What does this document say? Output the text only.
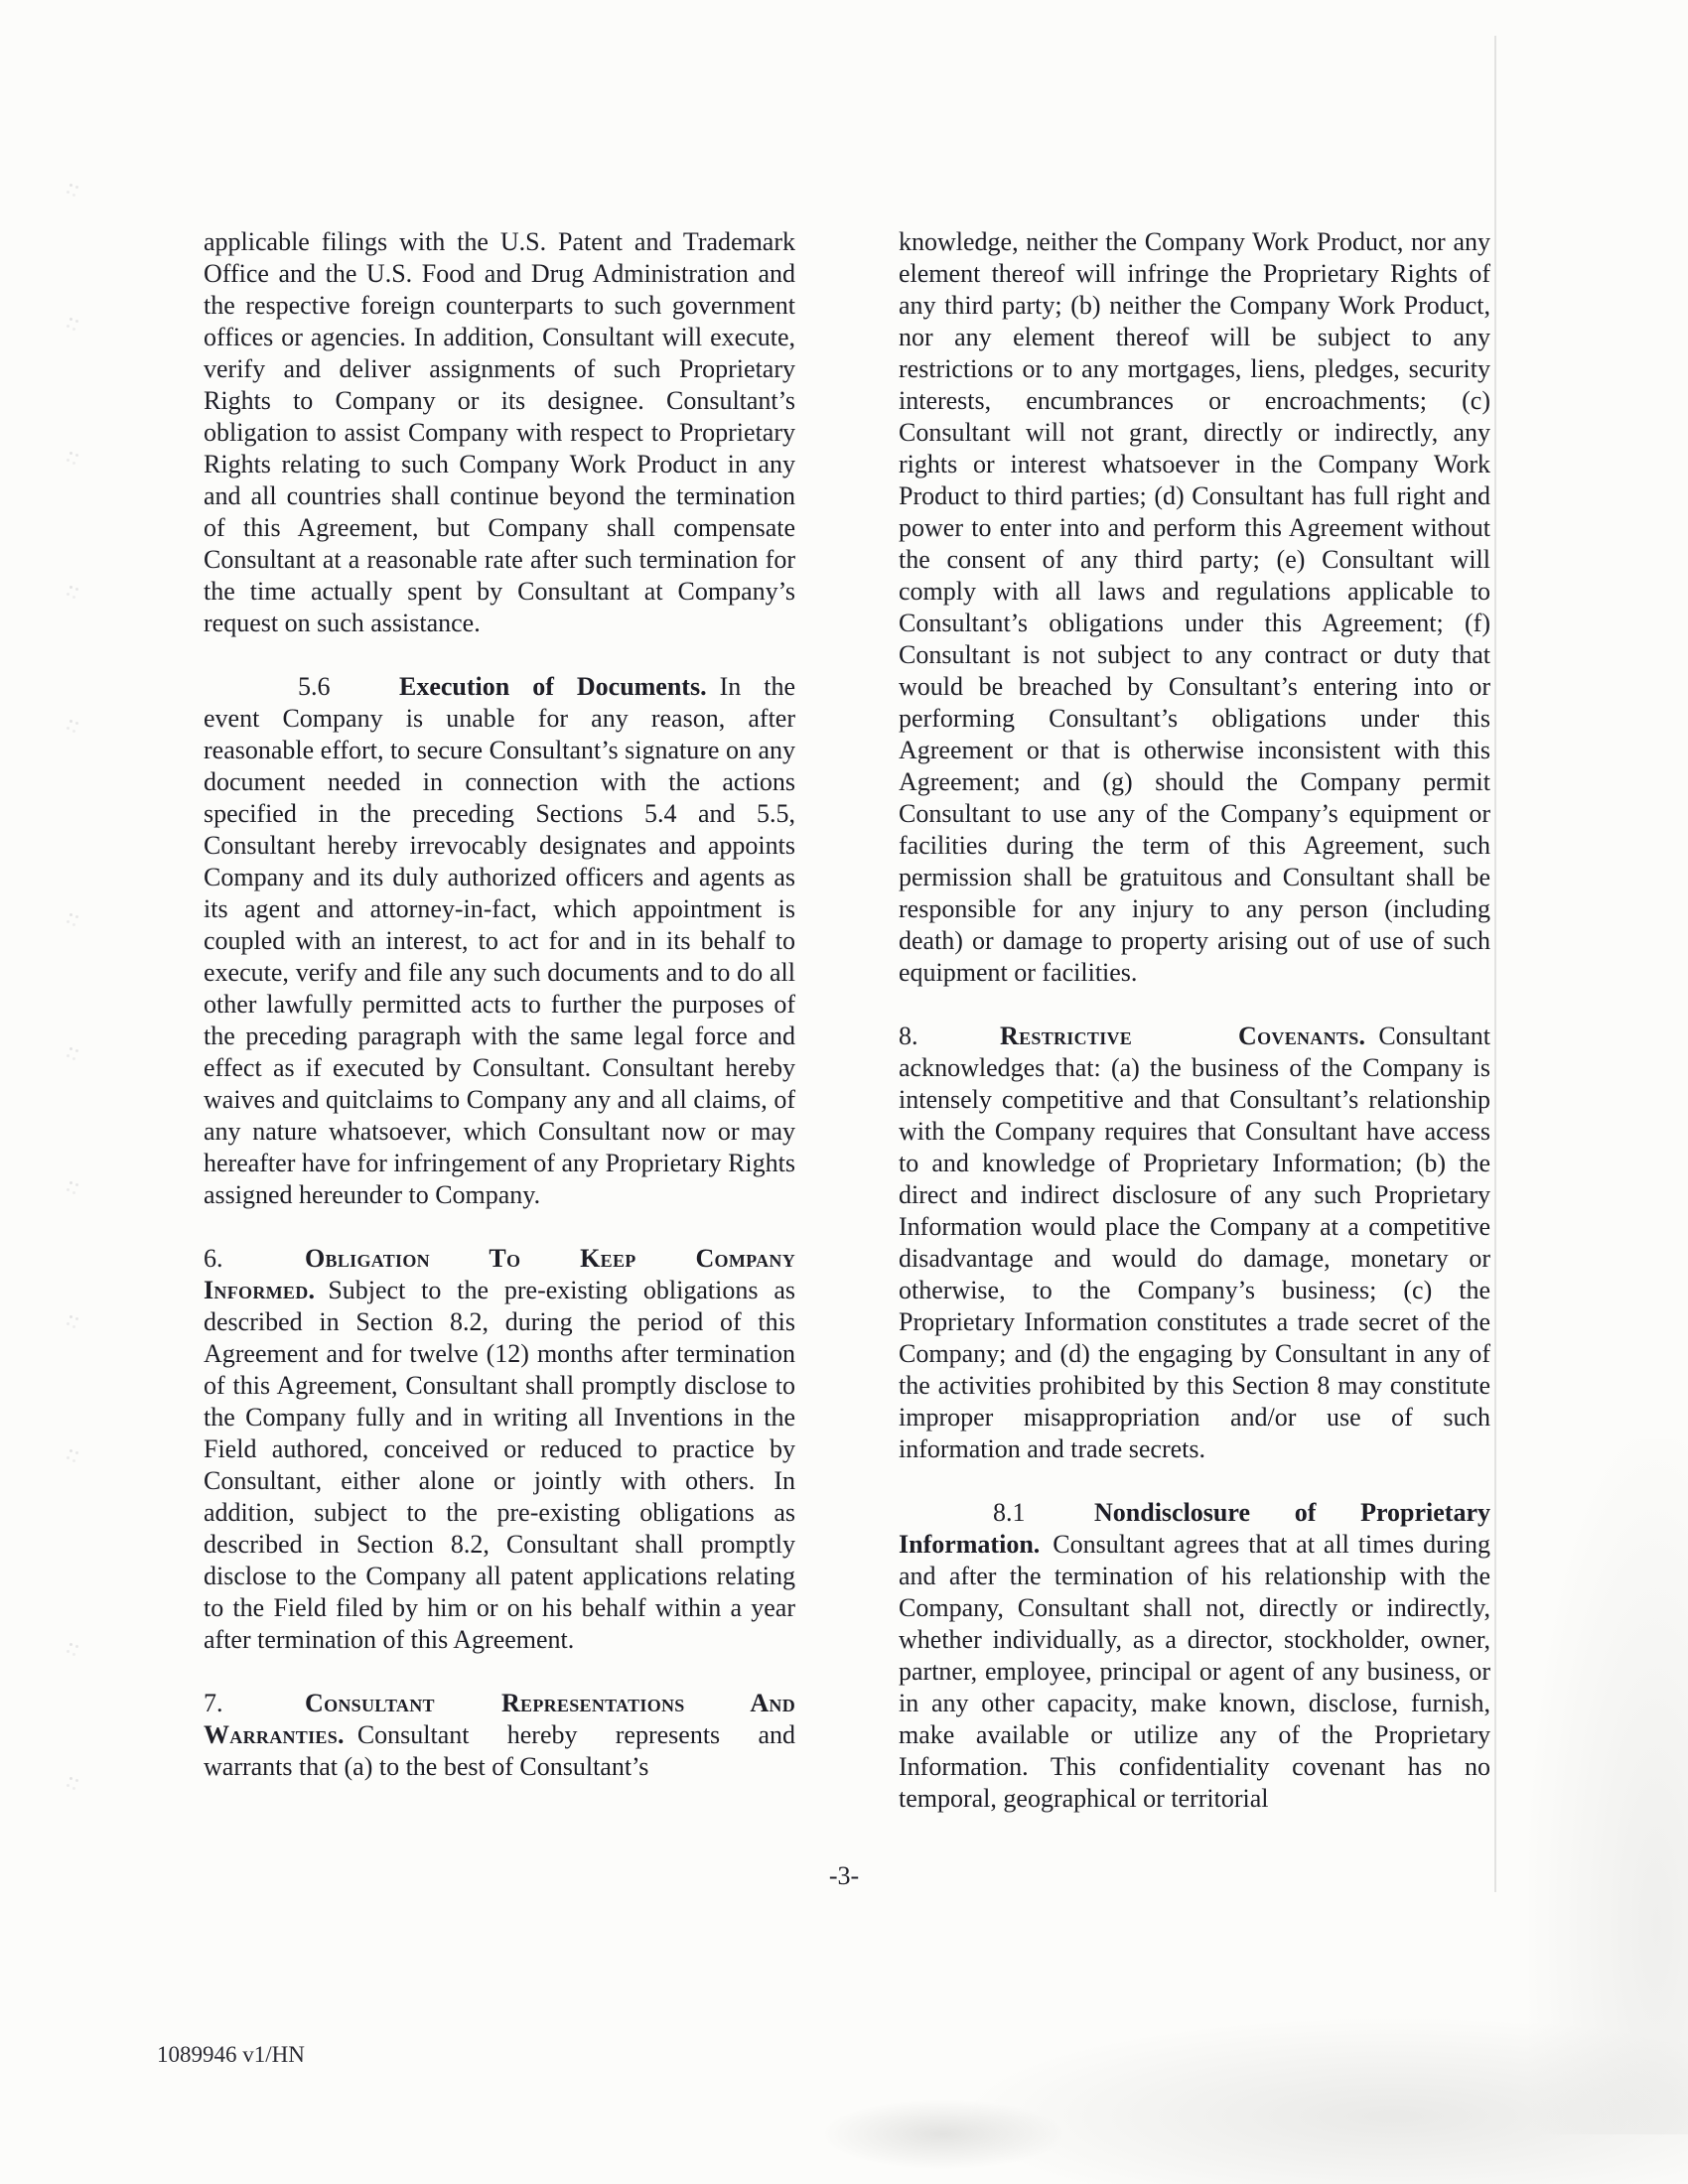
applicable filings with the U.S. Patent and Trademark Office and the U.S. Food and Drug Administration and the respective foreign counterparts to such government offices or agencies. In addition, Consultant will execute, verify and deliver assignments of such Proprietary Rights to Company or its designee. Consultant’s obligation to assist Company with respect to Proprietary Rights relating to such Company Work Product in any and all countries shall continue beyond the termination of this Agreement, but Company shall compensate Consultant at a reasonable rate after such termination for the time actually spent by Consultant at Company’s request on such assistance.

5.6	Execution of Documents. In the event Company is unable for any reason, after reasonable effort, to secure Consultant’s signature on any document needed in connection with the actions specified in the preceding Sections 5.4 and 5.5, Consultant hereby irrevocably designates and appoints Company and its duly authorized officers and agents as its agent and attorney-in-fact, which appointment is coupled with an interest, to act for and in its behalf to execute, verify and file any such documents and to do all other lawfully permitted acts to further the purposes of the preceding paragraph with the same legal force and effect as if executed by Consultant. Consultant hereby waives and quitclaims to Company any and all claims, of any nature whatsoever, which Consultant now or may hereafter have for infringement of any Proprietary Rights assigned hereunder to Company.

6.	Obligation To Keep Company Informed. Subject to the pre-existing obligations as described in Section 8.2, during the period of this Agreement and for twelve (12) months after termination of this Agreement, Consultant shall promptly disclose to the Company fully and in writing all Inventions in the Field authored, conceived or reduced to practice by Consultant, either alone or jointly with others. In addition, subject to the pre-existing obligations as described in Section 8.2, Consultant shall promptly disclose to the Company all patent applications relating to the Field filed by him or on his behalf within a year after termination of this Agreement.

7.	Consultant Representations And Warranties. Consultant hereby represents and warrants that (a) to the best of Consultant’s

knowledge, neither the Company Work Product, nor any element thereof will infringe the Proprietary Rights of any third party; (b) neither the Company Work Product, nor any element thereof will be subject to any restrictions or to any mortgages, liens, pledges, security interests, encumbrances or encroachments; (c) Consultant will not grant, directly or indirectly, any rights or interest whatsoever in the Company Work Product to third parties; (d) Consultant has full right and power to enter into and perform this Agreement without the consent of any third party; (e) Consultant will comply with all laws and regulations applicable to Consultant’s obligations under this Agreement; (f) Consultant is not subject to any contract or duty that would be breached by Consultant’s entering into or performing Consultant’s obligations under this Agreement or that is otherwise inconsistent with this Agreement; and (g) should the Company permit Consultant to use any of the Company’s equipment or facilities during the term of this Agreement, such permission shall be gratuitous and Consultant shall be responsible for any injury to any person (including death) or damage to property arising out of use of such equipment or facilities.

8.	Restrictive Covenants. Consultant acknowledges that: (a) the business of the Company is intensely competitive and that Consultant’s relationship with the Company requires that Consultant have access to and knowledge of Proprietary Information; (b) the direct and indirect disclosure of any such Proprietary Information would place the Company at a competitive disadvantage and would do damage, monetary or otherwise, to the Company’s business; (c) the Proprietary Information constitutes a trade secret of the Company; and (d) the engaging by Consultant in any of the activities prohibited by this Section 8 may constitute improper misappropriation and/or use of such information and trade secrets.

8.1	Nondisclosure of Proprietary Information. Consultant agrees that at all times during and after the termination of his relationship with the Company, Consultant shall not, directly or indirectly, whether individually, as a director, stockholder, owner, partner, employee, principal or agent of any business, or in any other capacity, make known, disclose, furnish, make available or utilize any of the Proprietary Information. This confidentiality covenant has no temporal, geographical or territorial

-3-
1089946 v1/HN
